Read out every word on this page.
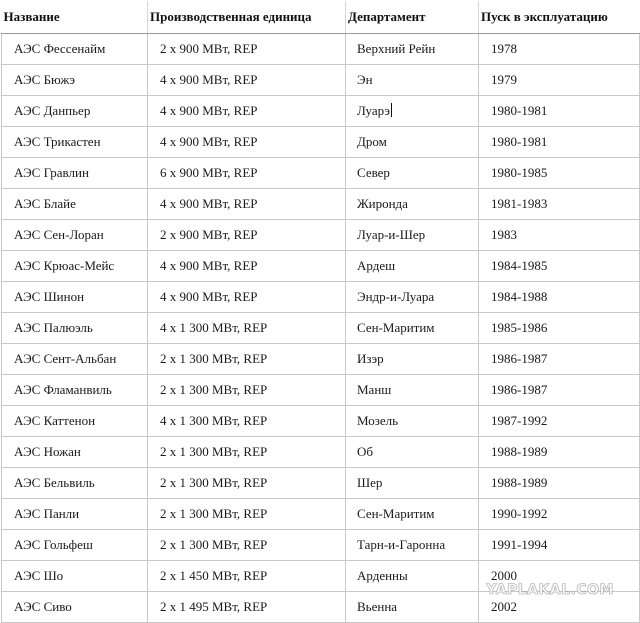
Название	Производственная единица	Департамент	Пуск в эксплуатацию
АЭС Фессенайм	2 x 900 МВт, REP	Верхний Рейн	1978
АЭС Бюжэ	4 x 900 МВт, REP	Эн	1979
АЭС Данпьер	4 x 900 МВт, REP	Луарэ	1980-1981
АЭС Трикастен	4 x 900 МВт, REP	Дром	1980-1981
АЭС Гравлин	6 x 900 МВт, REP	Север	1980-1985
АЭС Блайе	4 x 900 МВт, REP	Жиронда	1981-1983
АЭС Сен-Лоран	2 x 900 МВт, REP	Луар-и-Шер	1983
АЭС Крюас-Мейс	4 x 900 МВт, REP	Ардеш	1984-1985
АЭС Шинон	4 x 900 МВт, REP	Эндр-и-Луара	1984-1988
АЭС Палюэль	4 x 1 300 МВт, REP	Сен-Маритим	1985-1986
АЭС Сент-Альбан	2 x 1 300 МВт, REP	Изэр	1986-1987
АЭС Фламанвиль	2 x 1 300 МВт, REP	Манш	1986-1987
АЭС Каттенон	4 x 1 300 МВт, REP	Мозель	1987-1992
АЭС Ножан	2 x 1 300 МВт, REP	Об	1988-1989
АЭС Бельвиль	2 x 1 300 МВт, REP	Шер	1988-1989
АЭС Панли	2 x 1 300 МВт, REP	Сен-Маритим	1990-1992
АЭС Гольфеш	2 x 1 300 МВт, REP	Тарн-и-Гаронна	1991-1994
АЭС Шо	2 x 1 450 МВт, REP	Арденны	2000
АЭС Сиво	2 x 1 495 МВт, REP	Вьенна	2002
YAPLAKAL.COM
